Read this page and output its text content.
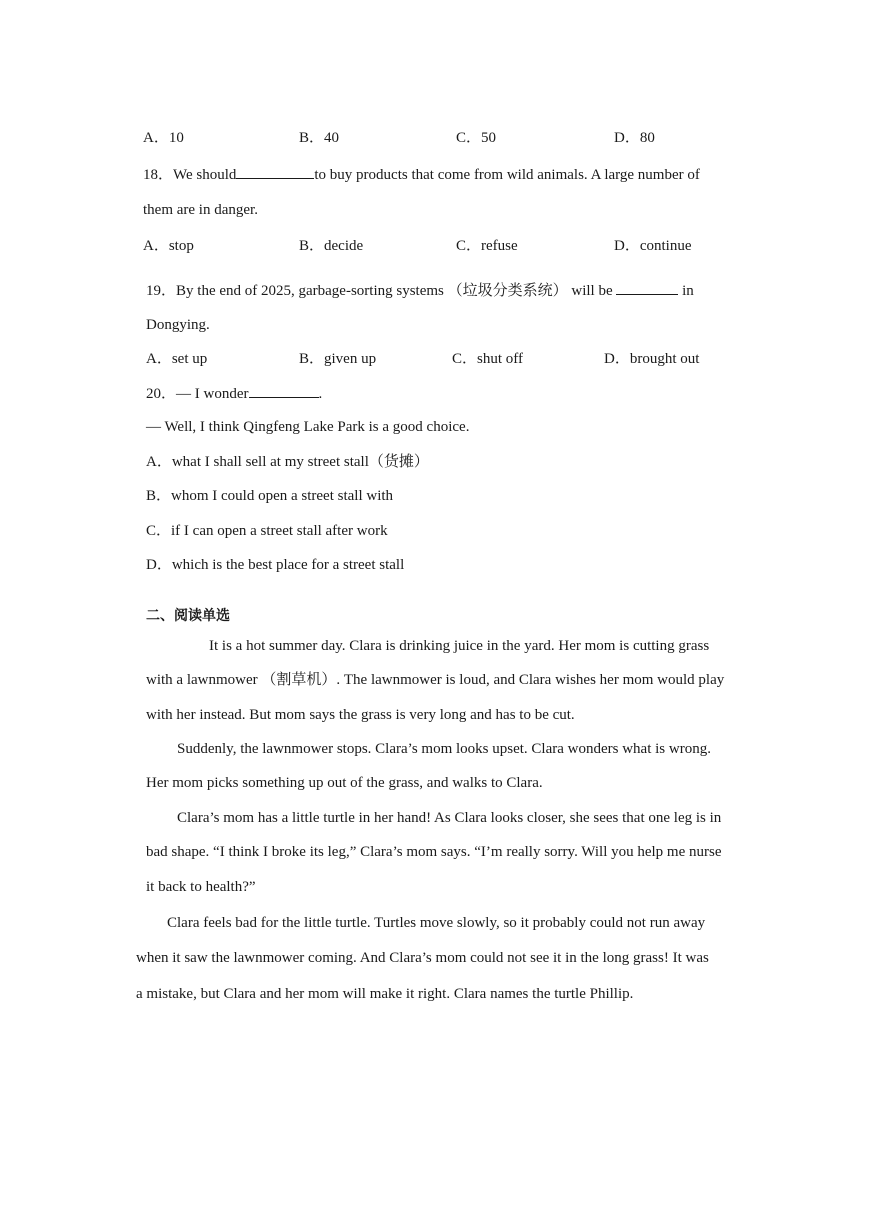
A．10	B．40	C．50	D．80
18．We should	to buy products that come from wild animals. A large number of
them are in danger.
A．stop	B．decide	C．refuse	D．continue
19．By the end of 2025, garbage-sorting systems （垃圾分类系统） will be	in
Dongying.
A．set up	B．given up	C．shut off	D．brought out
20．— I wonder	.
— Well, I think Qingfeng Lake Park is a good choice.
A．what I shall sell at my street stall（货摊）
B．whom I could open a street stall with
C．if I can open a street stall after work
D．which is the best place for a street stall
二、阅读单选
It is a hot summer day. Clara is drinking juice in the yard. Her mom is cutting grass
with a lawnmower （割草机）. The lawnmower is loud, and Clara wishes her mom would play
with her instead. But mom says the grass is very long and has to be cut.
Suddenly, the lawnmower stops. Clara’s mom looks upset. Clara wonders what is wrong.
Her mom picks something up out of the grass, and walks to Clara.
Clara’s mom has a little turtle in her hand! As Clara looks closer, she sees that one leg is in
bad shape. “I think I broke its leg,” Clara’s mom says. “I’m really sorry. Will you help me nurse
it back to health?”
Clara feels bad for the little turtle. Turtles move slowly, so it probably could not run away
when it saw the lawnmower coming. And Clara’s mom could not see it in the long grass! It was
a mistake, but Clara and her mom will make it right. Clara names the turtle Phillip.
